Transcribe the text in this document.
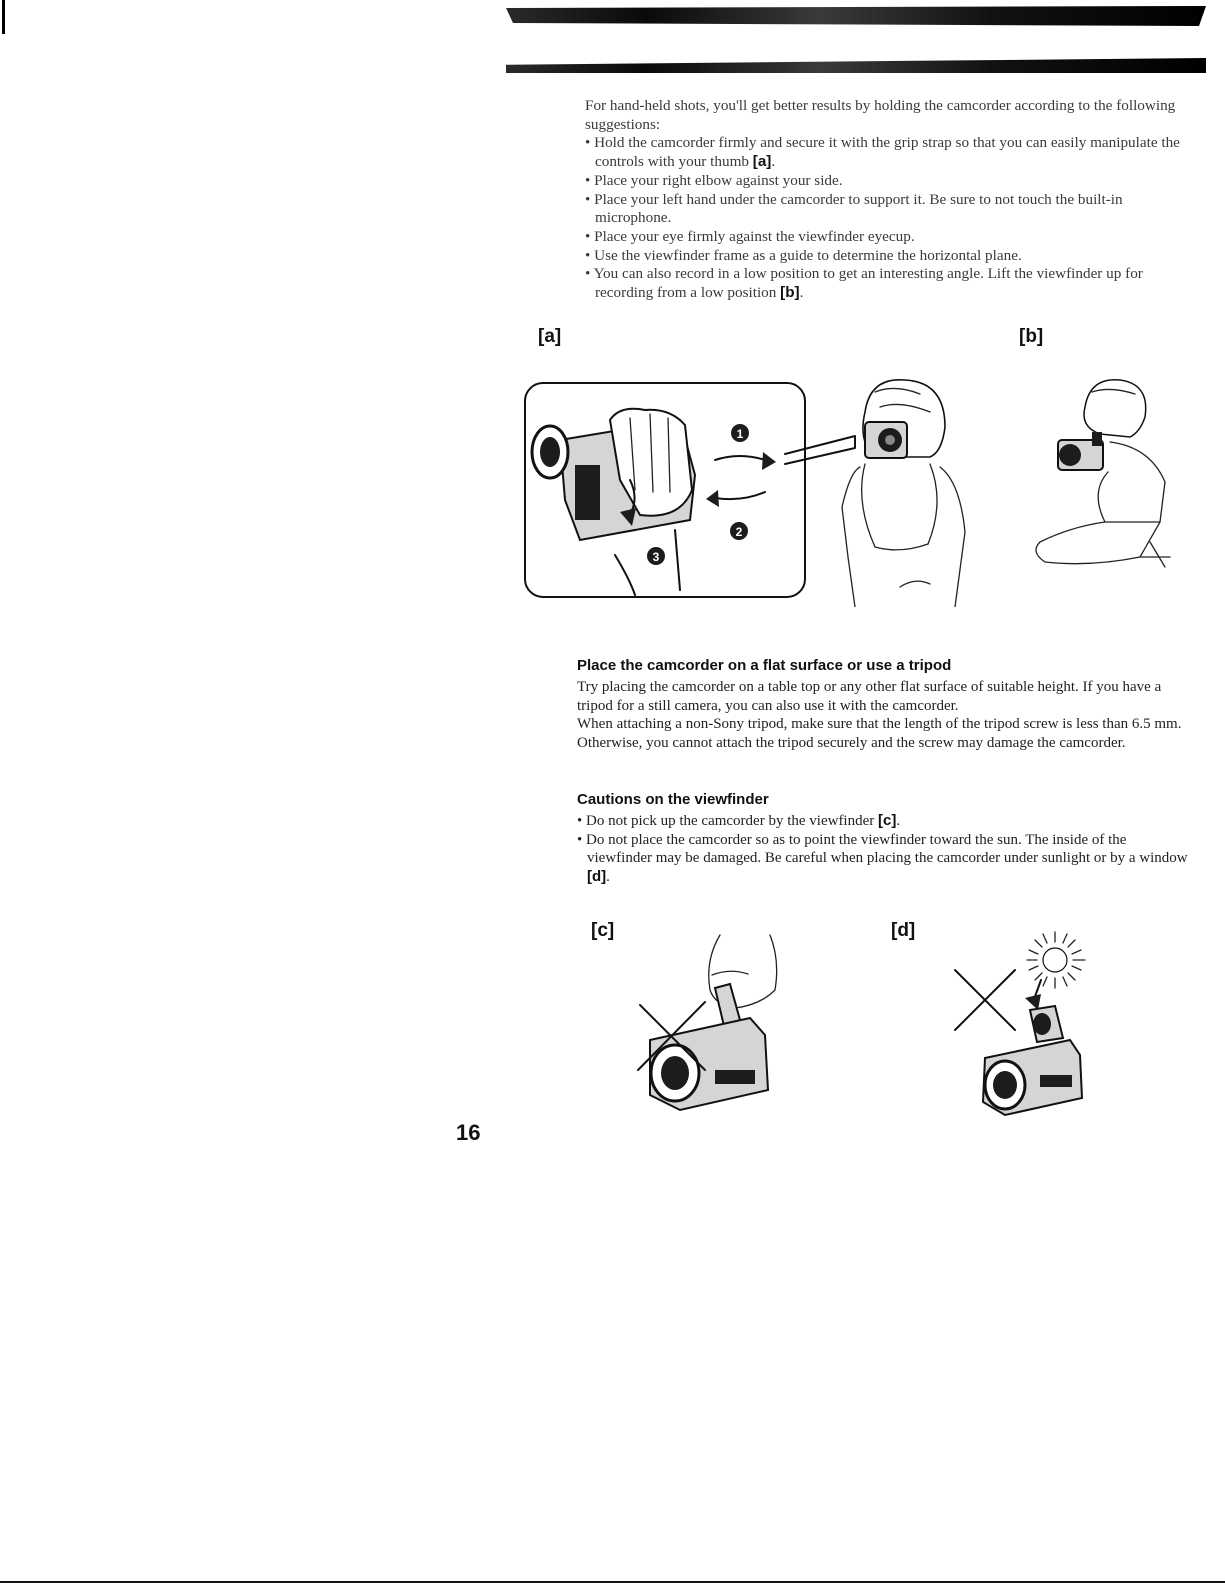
For hand-held shots, you'll get better results by holding the camcorder according to the following suggestions:

• Hold the camcorder firmly and secure it with the grip strap so that you can easily manipulate the controls with your thumb [a].

• Place your right elbow against your side.

• Place your left hand under the camcorder to support it. Be sure to not touch the built-in microphone.

• Place your eye firmly against the viewfinder eyecup.

• Use the viewfinder frame as a guide to determine the horizontal plane.

• You can also record in a low position to get an interesting angle. Lift the viewfinder up for recording from a low position [b].

[a]	[b]
1
2
3
Place the camcorder on a flat surface or use a tripod

Try placing the camcorder on a table top or any other flat surface of suitable height. If you have a tripod for a still camera, you can also use it with the camcorder.

When attaching a non-Sony tripod, make sure that the length of the tripod screw is less than 6.5 mm. Otherwise, you cannot attach the tripod securely and the screw may damage the camcorder.

Cautions on the viewfinder

• Do not pick up the camcorder by the viewfinder [c].

• Do not place the camcorder so as to point the viewfinder toward the sun. The inside of the viewfinder may be damaged. Be careful when placing the camcorder under sunlight or by a window [d].

[c]	[d]
16
